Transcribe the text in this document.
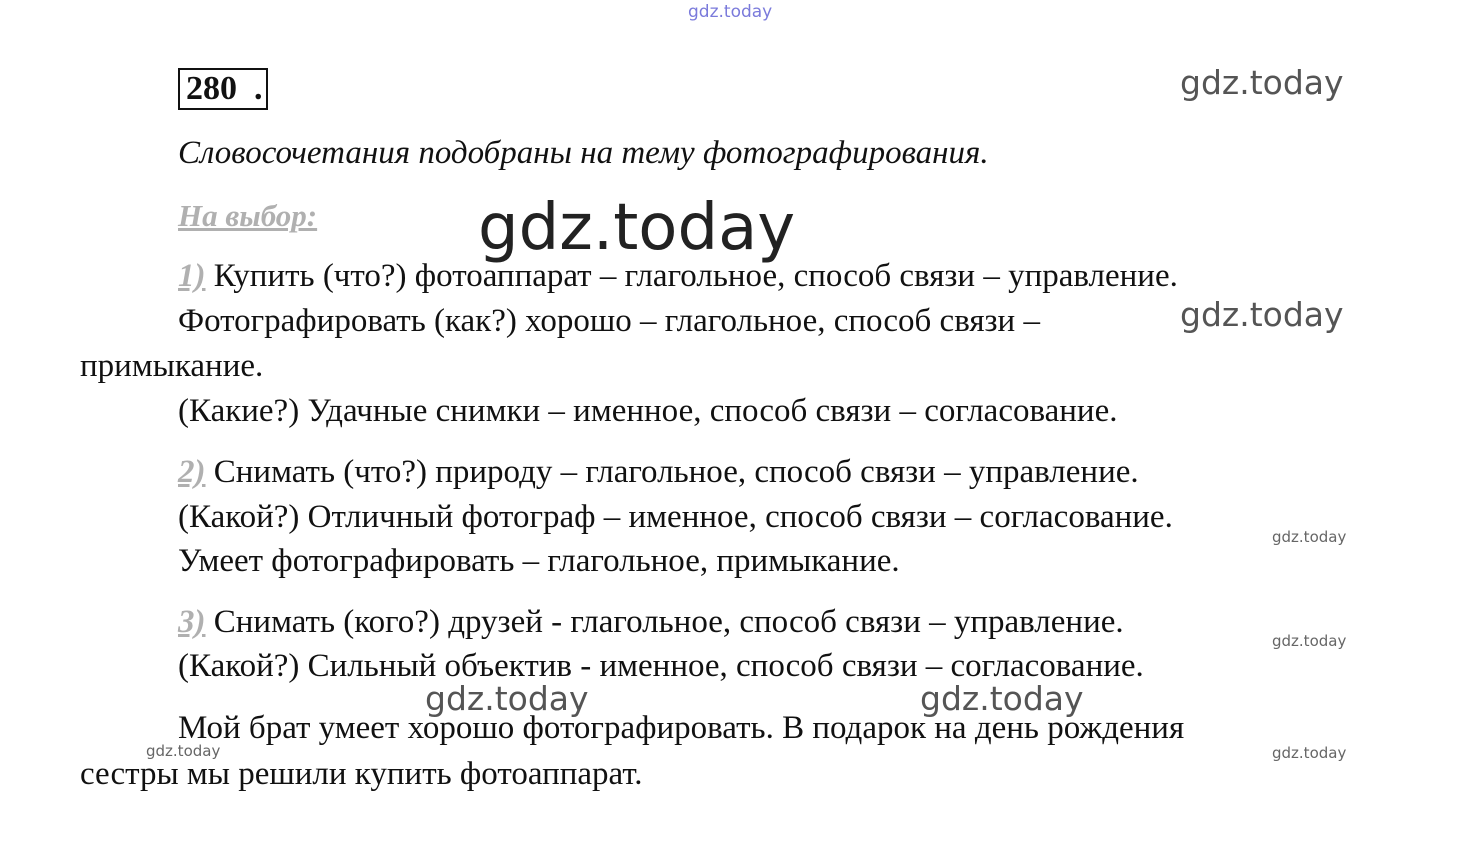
gdz.today
gdz.today
gdz.today
gdz.today
gdz.today
gdz.today
gdz.today	gdz.today
gdz.today	gdz.today
280 .
Словосочетания подобраны на тему фотографирования.
На выбор:
1) Купить (что?) фотоаппарат – глагольное, способ связи – управление.
Фотографировать (как?) хорошо – глагольное, способ связи –
примыкание.
(Какие?) Удачные снимки – именное, способ связи – согласование.
2) Снимать (что?) природу – глагольное, способ связи – управление.
(Какой?) Отличный фотограф – именное, способ связи – согласование.
Умеет фотографировать – глагольное, примыкание.
3) Снимать (кого?) друзей - глагольное, способ связи – управление.
(Какой?) Сильный объектив - именное, способ связи – согласование.
Мой брат умеет хорошо фотографировать. В подарок на день рождения
сестры мы решили купить фотоаппарат.
